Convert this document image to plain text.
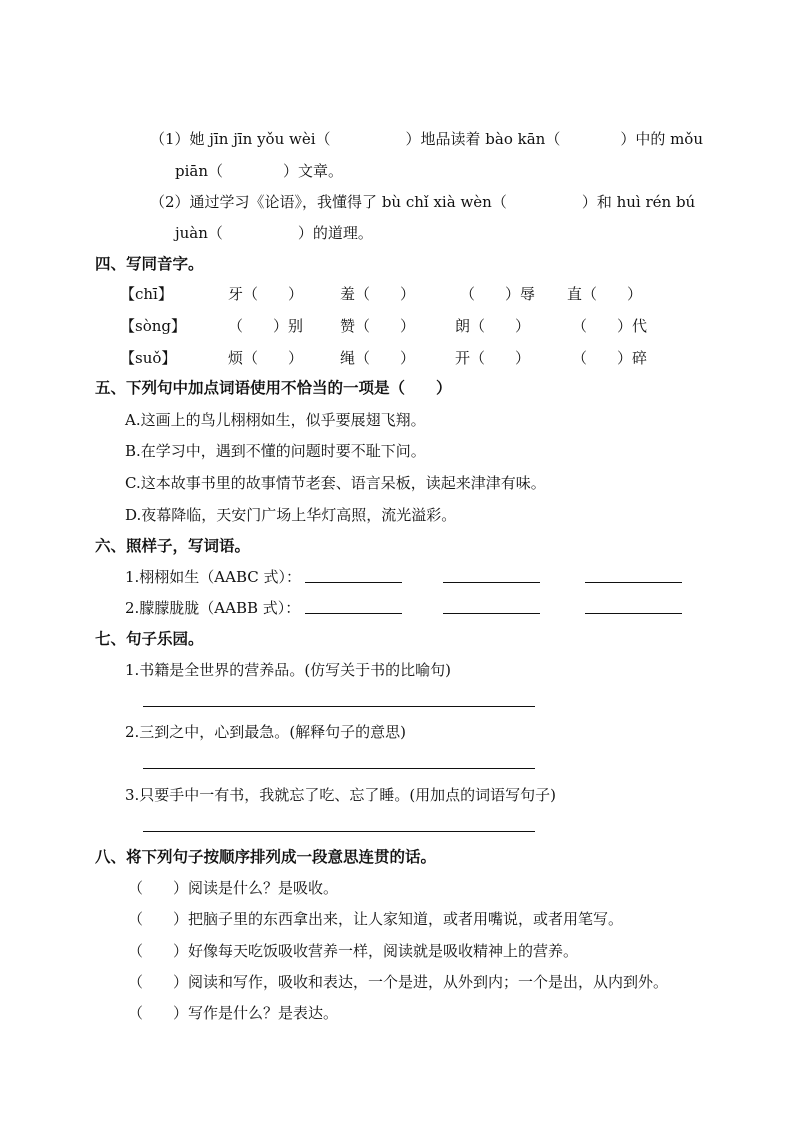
（1）她 jīn jīn yǒu wèi（　　　　　）地品读着 bào kān（　　　　）中的 mǒu
piān（　　　　）文章。
（2）通过学习《论语》，我懂得了 bù chǐ xià wèn（　　　　　）和 huì rén bú
juàn（　　　　　）的道理。
四、写同音字。
【chī】	牙（　　） 羞（　　）	（　　）辱 直（　　）
【sòng】	（　　）别 赞（　　）	朗（　　）	（　　）代
【suǒ】	烦（　　） 绳（　　）	开（　　）	（　　）碎
五、下列句中加点词语使用不恰当的一项是（　　）
A.这画上的鸟儿栩栩如生，似乎要展翅飞翔。
B.在学习中，遇到不懂的问题时要不耻下问。
C.这本故事书里的故事情节老套、语言呆板，读起来津津有味。
D.夜幕降临，天安门广场上华灯高照，流光溢彩。
六、照样子，写词语。
1.栩栩如生（AABC 式）：
2.朦朦胧胧（AABB 式）：
七、句子乐园。
1.书籍是全世界的营养品。(仿写关于书的比喻句)
2.三到之中，心到最急。(解释句子的意思)
3.只要手中一有书，我就忘了吃、忘了睡。(用加点的词语写句子)
八、将下列句子按顺序排列成一段意思连贯的话。
（　　）阅读是什么？是吸收。
（　　）把脑子里的东西拿出来，让人家知道，或者用嘴说，或者用笔写。
（　　）好像每天吃饭吸收营养一样，阅读就是吸收精神上的营养。
（　　）阅读和写作，吸收和表达，一个是进，从外到内；一个是出，从内到外。
（　　）写作是什么？是表达。
